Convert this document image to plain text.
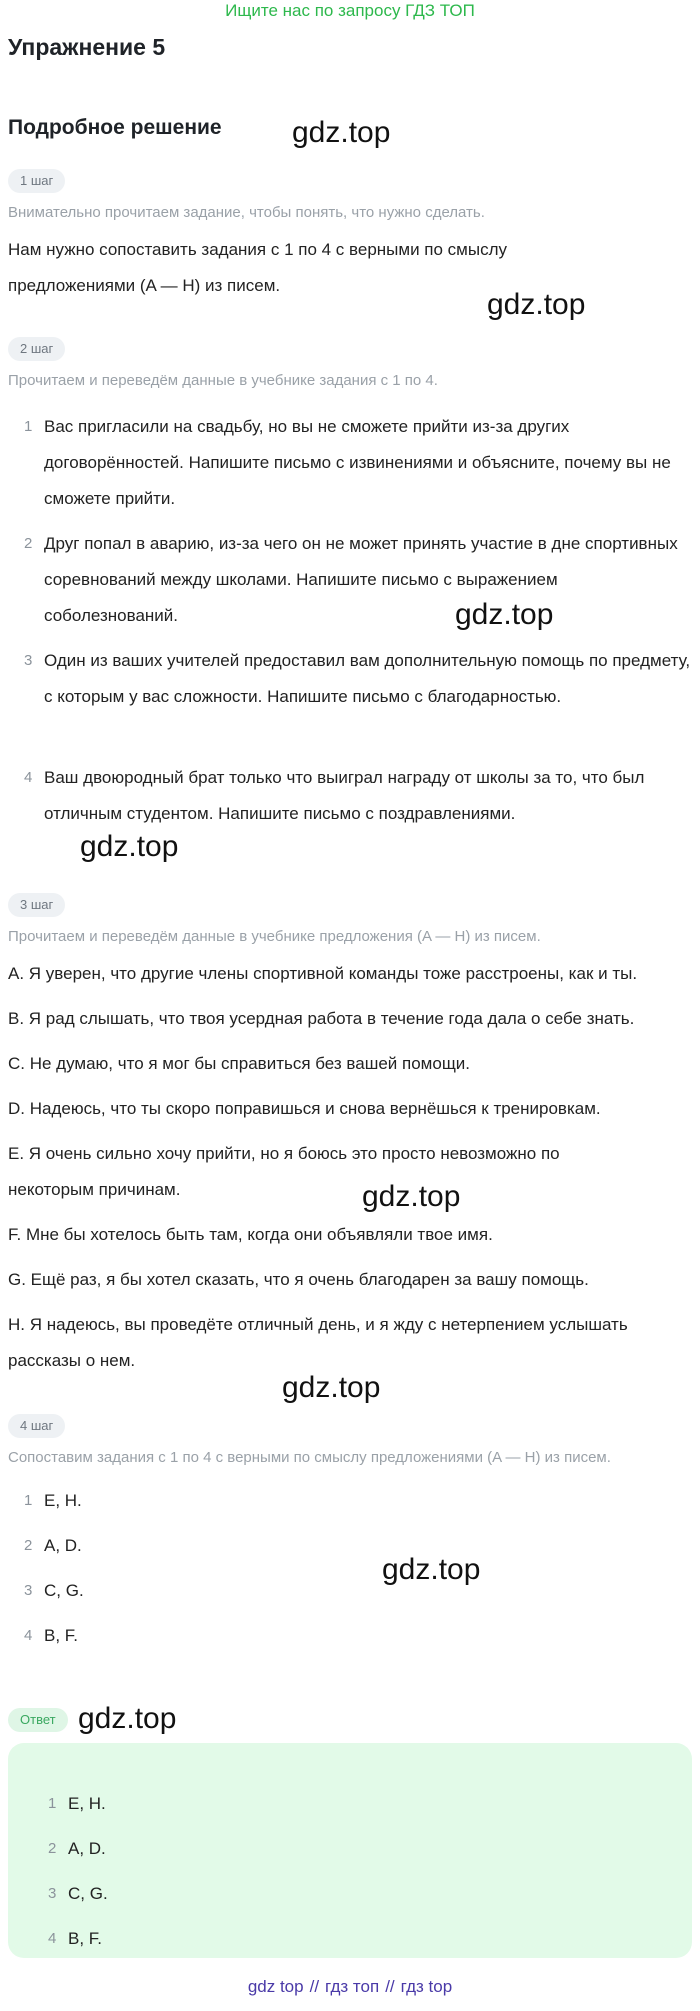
Ищите нас по запросу ГДЗ ТОП
Упражнение 5
Подробное решение gdz.top
1 шаг
Внимательно прочитаем задание, чтобы понять, что нужно сделать.
Нам нужно сопоставить задания с 1 по 4 с верными по смыслу предложениями (A — H) из писем.
gdz.top
2 шаг
Прочитаем и переведём данные в учебнике задания с 1 по 4.
1 Вас пригласили на свадьбу, но вы не сможете прийти из-за других договорённостей. Напишите письмо с извинениями и объясните, почему вы не сможете прийти.
2 Друг попал в аварию, из-за чего он не может принять участие в дне спортивных соревнований между школами. Напишите письмо с выражением соболезнований.	gdz.top
3 Один из ваших учителей предоставил вам дополнительную помощь по предмету, с которым у вас сложности. Напишите письмо с благодарностью.
4 Ваш двоюродный брат только что выиграл награду от школы за то, что был отличным студентом. Напишите письмо с поздравлениями.
gdz.top
3 шаг
Прочитаем и переведём данные в учебнике предложения (A — H) из писем.
A. Я уверен, что другие члены спортивной команды тоже расстроены, как и ты.
B. Я рад слышать, что твоя усердная работа в течение года дала о себе знать.
C. Не думаю, что я мог бы справиться без вашей помощи.
D. Надеюсь, что ты скоро поправишься и снова вернёшься к тренировкам.
E. Я очень сильно хочу прийти, но я боюсь это просто невозможно по некоторым причинам.	gdz.top
F. Мне бы хотелось быть там, когда они объявляли твое имя.
G. Ещё раз, я бы хотел сказать, что я очень благодарен за вашу помощь.
H. Я надеюсь, вы проведёте отличный день, и я жду с нетерпением услышать рассказы о нем.
gdz.top
4 шаг
Сопоставим задания с 1 по 4 с верными по смыслу предложениями (A — H) из писем.
1 E, H.
2 A, D.
gdz.top
3 C, G.
4 B, F.
Ответ gdz.top
1 E, H.
2 A, D.
3 C, G.
4 B, F.
gdz top // гдз топ // гдз top
